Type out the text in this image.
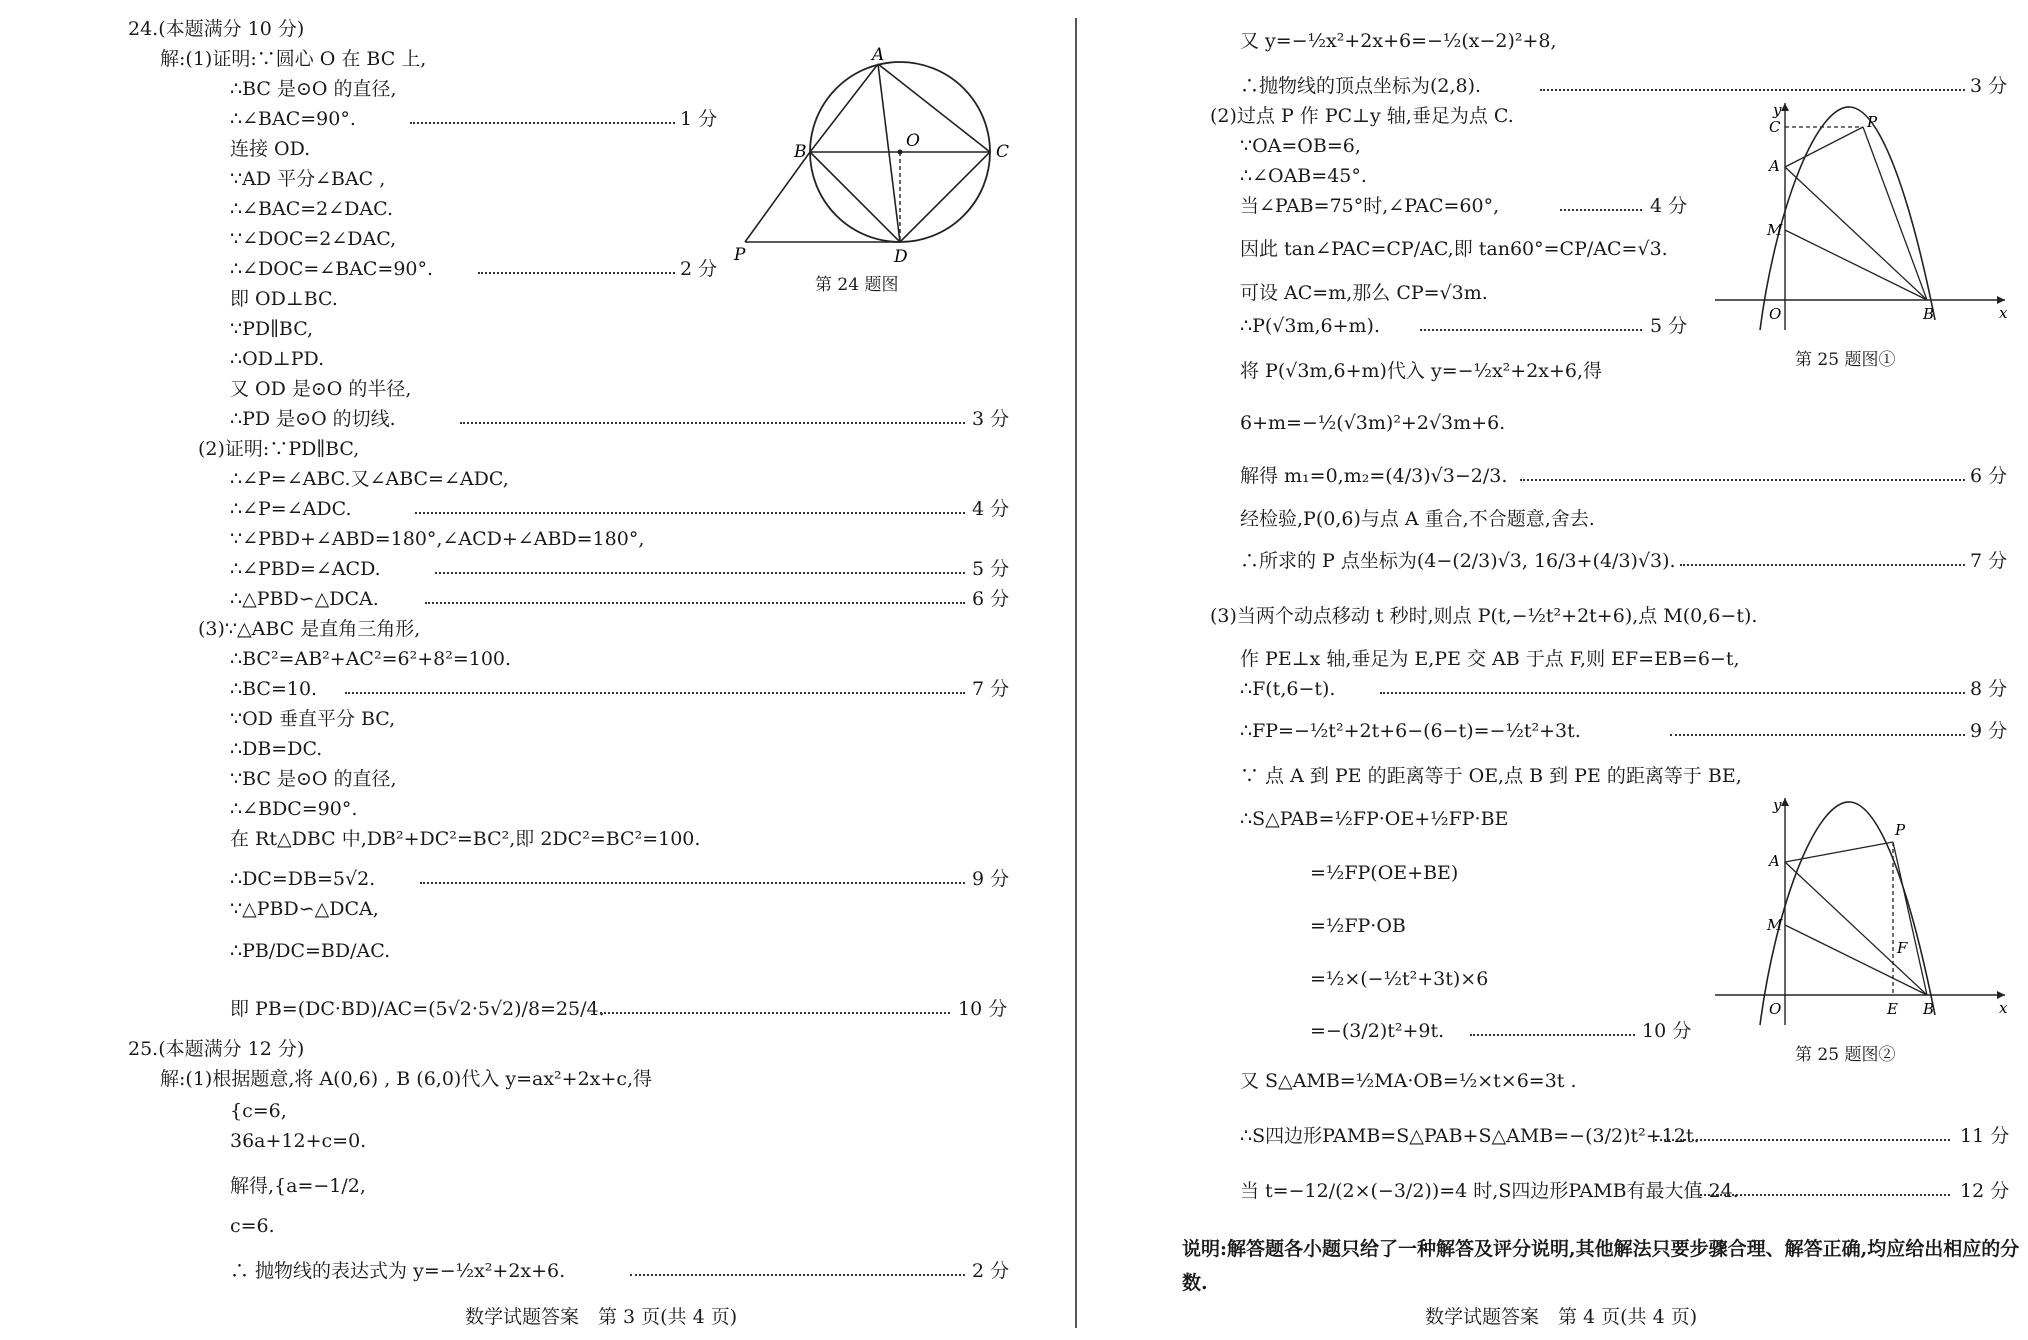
24.(本题满分 10 分)
解:(1)证明:∵圆心 O 在 BC 上,
∴BC 是⊙O 的直径,
∴∠BAC=90°.	1 分
连接 OD.
∵AD 平分∠BAC ,
∴∠BAC=2∠DAC.
∵∠DOC=2∠DAC,
∴∠DOC=∠BAC=90°.	2 分
即 OD⊥BC.
∵PD∥BC,
∴OD⊥PD.
又 OD 是⊙O 的半径,
∴PD 是⊙O 的切线.	3 分
(2)证明:∵PD∥BC,
∴∠P=∠ABC.又∠ABC=∠ADC,
∴∠P=∠ADC.	4 分
∵∠PBD+∠ABD=180°,∠ACD+∠ABD=180°,
∴∠PBD=∠ACD.	5 分
∴△PBD∽△DCA.	6 分
(3)∵△ABC 是直角三角形,
∴BC²=AB²+AC²=6²+8²=100.
∴BC=10.	7 分
∵OD 垂直平分 BC,
∴DB=DC.
∵BC 是⊙O 的直径,
∴∠BDC=90°.
在 Rt△DBC 中,DB²+DC²=BC²,即 2DC²=BC²=100.
∴DC=DB=5√2.	9 分
∵△PBD∽△DCA,
∴PB/DC=BD/AC.
即 PB=(DC·BD)/AC=(5√2·5√2)/8=25/4.	10 分
A
B
O
C
P	D
第 24 题图
25.(本题满分 12 分)
解:(1)根据题意,将 A(0,6) , B (6,0)代入 y=ax²+2x+c,得
{c=6,
36a+12+c=0.
解得,{a=−1/2,
c=6.
∴ 抛物线的表达式为 y=−½x²+2x+6.	2 分
数学试题答案　第 3 页(共 4 页)
又 y=−½x²+2x+6=−½(x−2)²+8,
∴抛物线的顶点坐标为(2,8).	3 分
(2)过点 P 作 PC⊥y 轴,垂足为点 C.
∵OA=OB=6,
∴∠OAB=45°.
当∠PAB=75°时,∠PAC=60°,	4 分
因此 tan∠PAC=CP/AC,即 tan60°=CP/AC=√3.
可设 AC=m,那么 CP=√3m.
∴P(√3m,6+m).	5 分
将 P(√3m,6+m)代入 y=−½x²+2x+6,得
6+m=−½(√3m)²+2√3m+6.
解得 m₁=0,m₂=(4/3)√3−2/3.	6 分
经检验,P(0,6)与点 A 重合,不合题意,舍去.
∴所求的 P 点坐标为(4−(2/3)√3, 16/3+(4/3)√3).	7 分
(3)当两个动点移动 t 秒时,则点 P(t,−½t²+2t+6),点 M(0,6−t).
作 PE⊥x 轴,垂足为 E,PE 交 AB 于点 F,则 EF=EB=6−t,
∴F(t,6−t).	8 分
∴FP=−½t²+2t+6−(6−t)=−½t²+3t.	9 分
∵ 点 A 到 PE 的距离等于 OE,点 B 到 PE 的距离等于 BE,
∴S△PAB=½FP·OE+½FP·BE
=½FP(OE+BE)
=½FP·OB
=½×(−½t²+3t)×6
=−(3/2)t²+9t.	10 分
又 S△AMB=½MA·OB=½×t×6=3t .
∴S四边形PAMB=S△PAB+S△AMB=−(3/2)t²+12t.	11 分
当 t=−12/(2×(−3/2))=4 时,S四边形PAMB有最大值 24.	12 分
y
x
O
A
B
C	P
M
第 25 题图①
y
x
O
A
B
P
M
E
F
第 25 题图②
说明:解答题各小题只给了一种解答及评分说明,其他解法只要步骤合理、解答正确,均应给出相应的分数.
数学试题答案　第 4 页(共 4 页)
